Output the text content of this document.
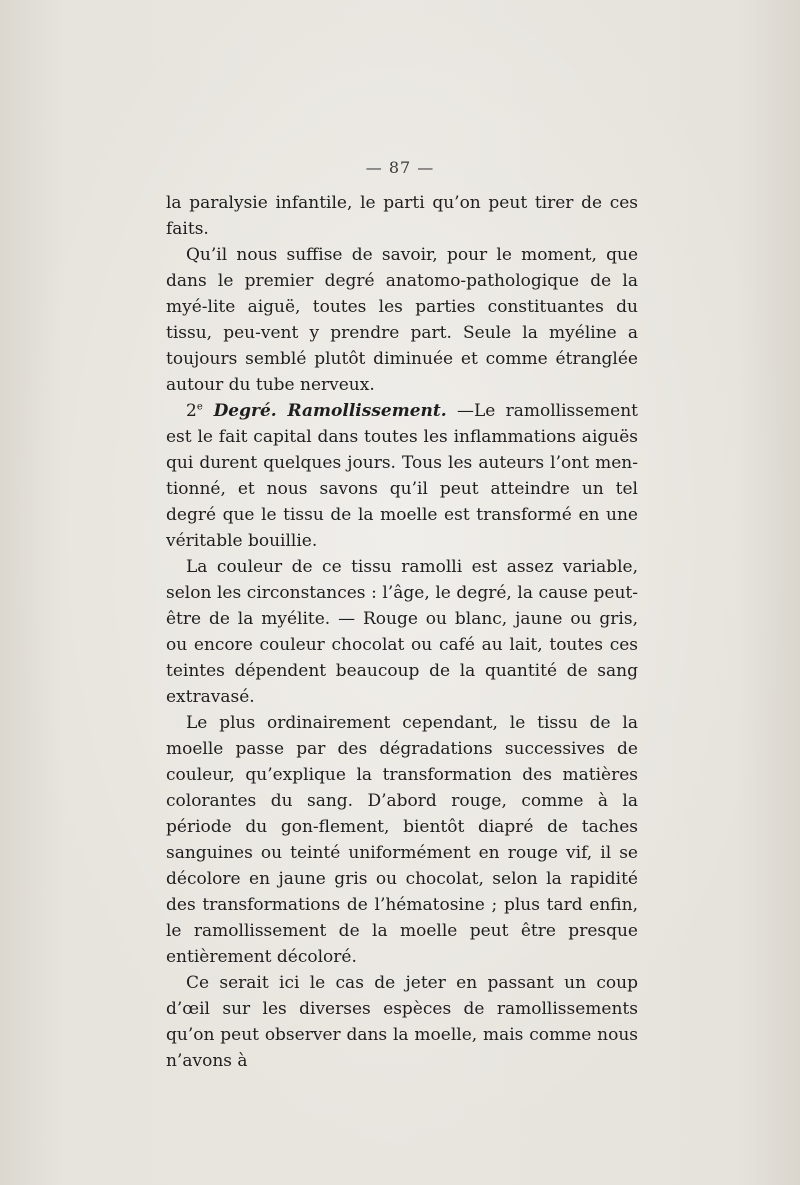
— 87 —

la paralysie infantile, le parti qu’on peut tirer de ces faits.

Qu’il nous suffise de savoir, pour le moment, que dans le premier degré anatomo-pathologique de la myé-lite aiguë, toutes les parties constituantes du tissu, peu-vent y prendre part. Seule la myéline a toujours semblé plutôt diminuée et comme étranglée autour du tube nerveux.

2e Degré. Ramollissement. —Le ramollissement est le fait capital dans toutes les inflammations aiguës qui durent quelques jours. Tous les auteurs l’ont men-tionné, et nous savons qu’il peut atteindre un tel degré que le tissu de la moelle est transformé en une véritable bouillie.

La couleur de ce tissu ramolli est assez variable, selon les circonstances : l’âge, le degré, la cause peut-être de la myélite. — Rouge ou blanc, jaune ou gris, ou encore couleur chocolat ou café au lait, toutes ces teintes dépendent beaucoup de la quantité de sang extravasé.

Le plus ordinairement cependant, le tissu de la moelle passe par des dégradations successives de couleur, qu’explique la transformation des matières colorantes du sang. D’abord rouge, comme à la période du gon-flement, bientôt diapré de taches sanguines ou teinté uniformément en rouge vif, il se décolore en jaune gris ou chocolat, selon la rapidité des transformations de l’hématosine ; plus tard enfin, le ramollissement de la moelle peut être presque entièrement décoloré.

Ce serait ici le cas de jeter en passant un coup d’œil sur les diverses espèces de ramollissements qu’on peut observer dans la moelle, mais comme nous n’avons à
